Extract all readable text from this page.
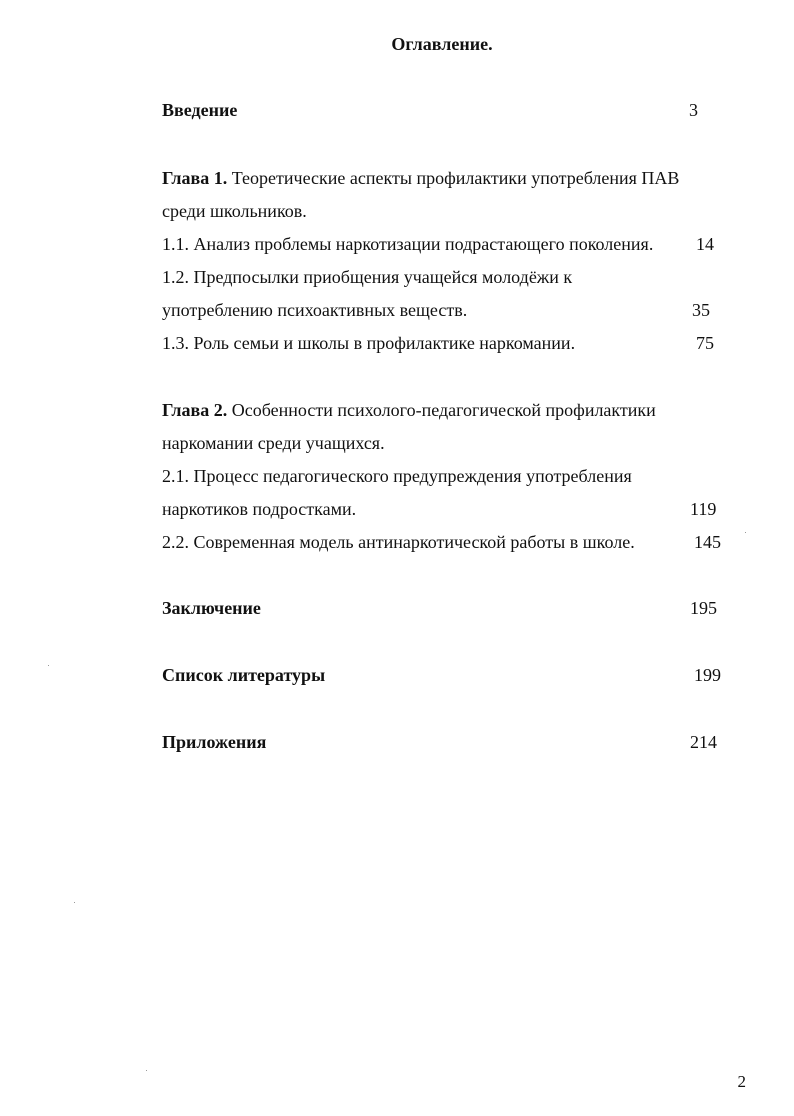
Оглавление.
Введение	3
Глава 1. Теоретические аспекты профилактики употребления ПАВ
среди школьников.
1.1. Анализ проблемы наркотизации подрастающего поколения. 14
1.2. Предпосылки приобщения учащейся молодёжи к
употреблению психоактивных веществ.	35
1.3. Роль семьи и школы в профилактике наркомании.	75
Глава 2. Особенности психолого-педагогической профилактики
наркомании среди учащихся.
2.1. Процесс педагогического предупреждения употребления
наркотиков подростками.	119
2.2. Современная модель антинаркотической работы в школе.	145
Заключение	195
Список литературы	199
Приложения	214
2
